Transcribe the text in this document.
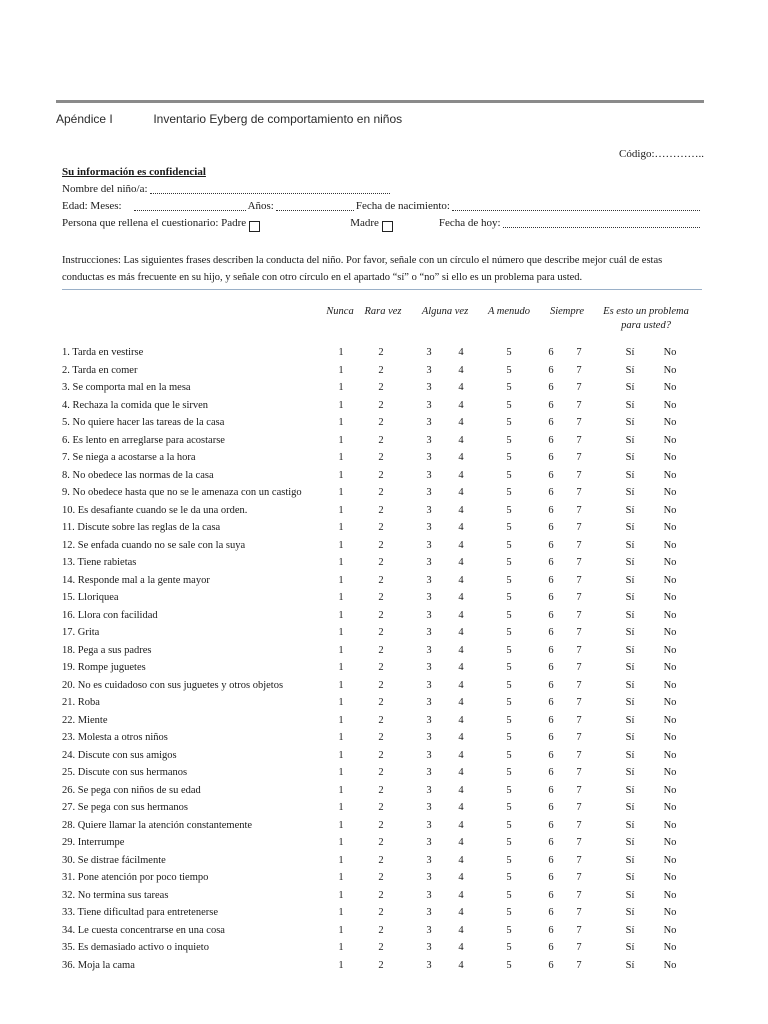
Apéndice I	Inventario Eyberg de comportamiento en niños
Código:…………..
Su información es confidencial
Nombre del niño/a:
Edad: Meses:	Años:	Fecha de nacimiento:
Persona que rellena el cuestionario: Padre	Madre	Fecha de hoy:
Instrucciones: Las siguientes frases describen la conducta del niño. Por favor, señale con un círculo el número que describe mejor cuál de estas conductas es más frecuente en su hijo, y señale con otro círculo en el apartado “sí” o “no” si ello es un problema para usted.
Nunca	Rara vez	Alguna vez	A menudo	Siempre	Es esto un problema
para usted?
1. Tarda en vestirse	1	2	3	4	5	6	7	Sí	No
2. Tarda en comer	1	2	3	4	5	6	7	Sí	No
3. Se comporta mal en la mesa	1	2	3	4	5	6	7	Sí	No
4. Rechaza la comida que le sirven	1	2	3	4	5	6	7	Sí	No
5. No quiere hacer las tareas de la casa	1	2	3	4	5	6	7	Sí	No
6. Es lento en arreglarse para acostarse	1	2	3	4	5	6	7	Sí	No
7. Se niega a acostarse a la hora	1	2	3	4	5	6	7	Sí	No
8. No obedece las normas de la casa	1	2	3	4	5	6	7	Sí	No
9. No obedece hasta que no se le amenaza con un castigo	1	2	3	4	5	6	7	Sí	No
10. Es desafiante cuando se le da una orden.	1	2	3	4	5	6	7	Sí	No
11. Discute sobre las reglas de la casa	1	2	3	4	5	6	7	Sí	No
12. Se enfada cuando no se sale con la suya	1	2	3	4	5	6	7	Sí	No
13. Tiene rabietas	1	2	3	4	5	6	7	Sí	No
14. Responde mal a la gente mayor	1	2	3	4	5	6	7	Sí	No
15. Lloriquea	1	2	3	4	5	6	7	Sí	No
16. Llora con facilidad	1	2	3	4	5	6	7	Sí	No
17. Grita	1	2	3	4	5	6	7	Sí	No
18. Pega a sus padres	1	2	3	4	5	6	7	Sí	No
19. Rompe juguetes	1	2	3	4	5	6	7	Sí	No
20. No es cuidadoso con sus juguetes y otros objetos	1	2	3	4	5	6	7	Sí	No
21. Roba	1	2	3	4	5	6	7	Sí	No
22. Miente	1	2	3	4	5	6	7	Sí	No
23. Molesta a otros niños	1	2	3	4	5	6	7	Sí	No
24. Discute con sus amigos	1	2	3	4	5	6	7	Sí	No
25. Discute con sus hermanos	1	2	3	4	5	6	7	Sí	No
26. Se pega con niños de su edad	1	2	3	4	5	6	7	Sí	No
27. Se pega con sus hermanos	1	2	3	4	5	6	7	Sí	No
28. Quiere llamar la atención constantemente	1	2	3	4	5	6	7	Sí	No
29. Interrumpe	1	2	3	4	5	6	7	Sí	No
30. Se distrae fácilmente	1	2	3	4	5	6	7	Sí	No
31. Pone atención por poco tiempo	1	2	3	4	5	6	7	Sí	No
32. No termina sus tareas	1	2	3	4	5	6	7	Sí	No
33. Tiene dificultad para entretenerse	1	2	3	4	5	6	7	Sí	No
34. Le cuesta concentrarse en una cosa	1	2	3	4	5	6	7	Sí	No
35. Es demasiado activo o inquieto	1	2	3	4	5	6	7	Sí	No
36. Moja la cama	1	2	3	4	5	6	7	Sí	No
